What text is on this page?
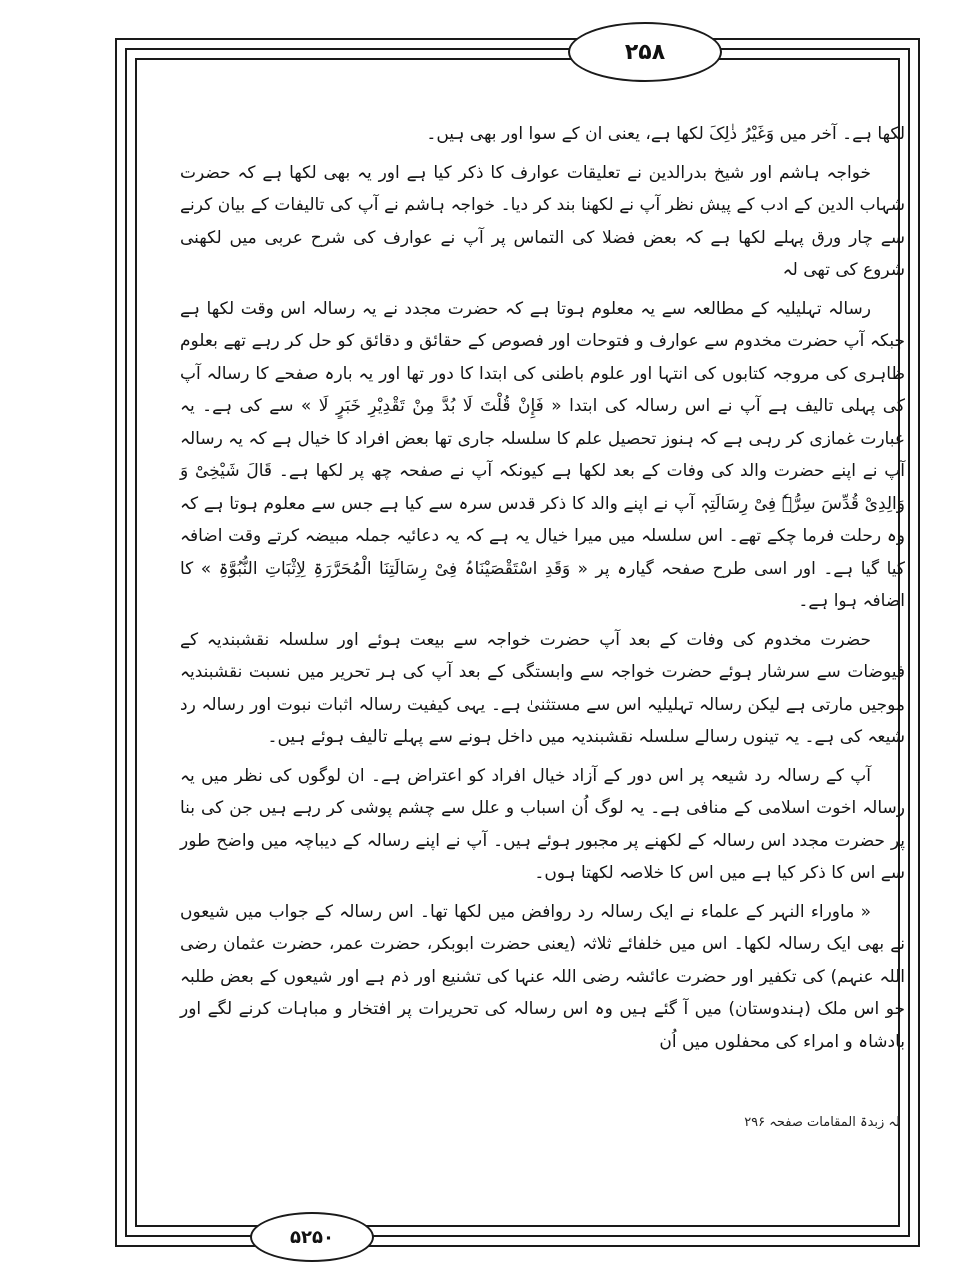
۲۵۸

لکھا ہے۔ آخر میں وَغَیْرُ ذٰلِکَ لکھا ہے، یعنی ان کے سوا اور بھی ہیں۔

خواجہ ہاشم اور شیخ بدرالدین نے تعلیقات عوارف کا ذکر کیا ہے اور یہ بھی لکھا ہے کہ حضرت شہاب الدین کے ادب کے پیش نظر آپ نے لکھنا بند کر دیا۔ خواجہ ہاشم نے آپ کی تالیفات کے بیان کرنے سے چار ورق پہلے لکھا ہے کہ بعض فضلا کی التماس پر آپ نے عوارف کی شرح عربی میں لکھنی شروع کی تھی لہ

رسالہ تہلیلیہ کے مطالعہ سے یہ معلوم ہوتا ہے کہ حضرت مجدد نے یہ رسالہ اس وقت لکھا ہے جبکہ آپ حضرت مخدوم سے عوارف و فتوحات اور فصوص کے حقائق و دقائق کو حل کر رہے تھے بعلوم ظاہری کی مروجہ کتابوں کی انتہا اور علوم باطنی کی ابتدا کا دور تھا اور یہ بارہ صفحے کا رسالہ آپ کی پہلی تالیف ہے آپ نے اس رسالہ کی ابتدا « فَإِنْ قُلْتَ لَا بُدَّ مِنْ تَقْدِیْرِ خَبَرٍ لَا » سے کی ہے۔ یہ عبارت غمازی کر رہی ہے کہ ہنوز تحصیل علم کا سلسلہ جاری تھا بعض افراد کا خیال ہے کہ یہ رسالہ آپ نے اپنے حضرت والد کی وفات کے بعد لکھا ہے کیونکہ آپ نے صفحہ چھ پر لکھا ہے۔ قَالَ شَیْخِیْ وَ وَالِدِیْ قُدِّسَ سِرُّہٗ فِیْ رِسَالَتِہٖ آپ نے اپنے والد کا ذکر قدس سرہ سے کیا ہے جس سے معلوم ہوتا ہے کہ وہ رحلت فرما چکے تھے۔ اس سلسلہ میں میرا خیال یہ ہے کہ یہ دعائیہ جملہ مبیضہ کرتے وقت اضافہ کیا گیا ہے۔ اور اسی طرح صفحہ گیارہ پر « وَقَدِ اسْتَقْصَیْنَاہُ فِیْ رِسَالَتِنَا الْمُحَرَّرَۃِ لِاِثْبَاتِ النُّبُوَّۃِ » کا اضافہ ہوا ہے۔

حضرت مخدوم کی وفات کے بعد آپ حضرت خواجہ سے بیعت ہوئے اور سلسلہ نقشبندیہ کے فیوضات سے سرشار ہوئے حضرت خواجہ سے وابستگی کے بعد آپ کی ہر تحریر میں نسبت نقشبندیہ موجیں مارتی ہے لیکن رسالہ تہلیلیہ اس سے مستثنیٰ ہے۔ یہی کیفیت رسالہ اثبات نبوت اور رسالہ رد شیعہ کی ہے۔ یہ تینوں رسالے سلسلہ نقشبندیہ میں داخل ہونے سے پہلے تالیف ہوئے ہیں۔

آپ کے رسالہ رد شیعہ پر اس دور کے آزاد خیال افراد کو اعتراض ہے۔ ان لوگوں کی نظر میں یہ رسالہ اخوت اسلامی کے منافی ہے۔ یہ لوگ اُن اسباب و علل سے چشم پوشی کر رہے ہیں جن کی بنا پر حضرت مجدد اس رسالہ کے لکھنے پر مجبور ہوئے ہیں۔ آپ نے اپنے رسالہ کے دیباچہ میں واضح طور سے اس کا ذکر کیا ہے میں اس کا خلاصہ لکھتا ہوں۔

« ماوراء النہر کے علماء نے ایک رسالہ رد روافض میں لکھا تھا۔ اس رسالہ کے جواب میں شیعوں نے بھی ایک رسالہ لکھا۔ اس میں خلفائے ثلاثہ (یعنی حضرت ابوبکر، حضرت عمر، حضرت عثمان رضی اللہ عنہم) کی تکفیر اور حضرت عائشہ رضی اللہ عنہا کی تشنیع اور ذم ہے اور شیعوں کے بعض طلبہ جو اس ملک (ہندوستان) میں آ گئے ہیں وہ اس رسالہ کی تحریرات پر افتخار و مباہات کرنے لگے اور بادشاہ و امراء کی محفلوں میں اُن

لہ زبدۃ المقامات صفحہ ۲۹۶
۵۲۵۰
